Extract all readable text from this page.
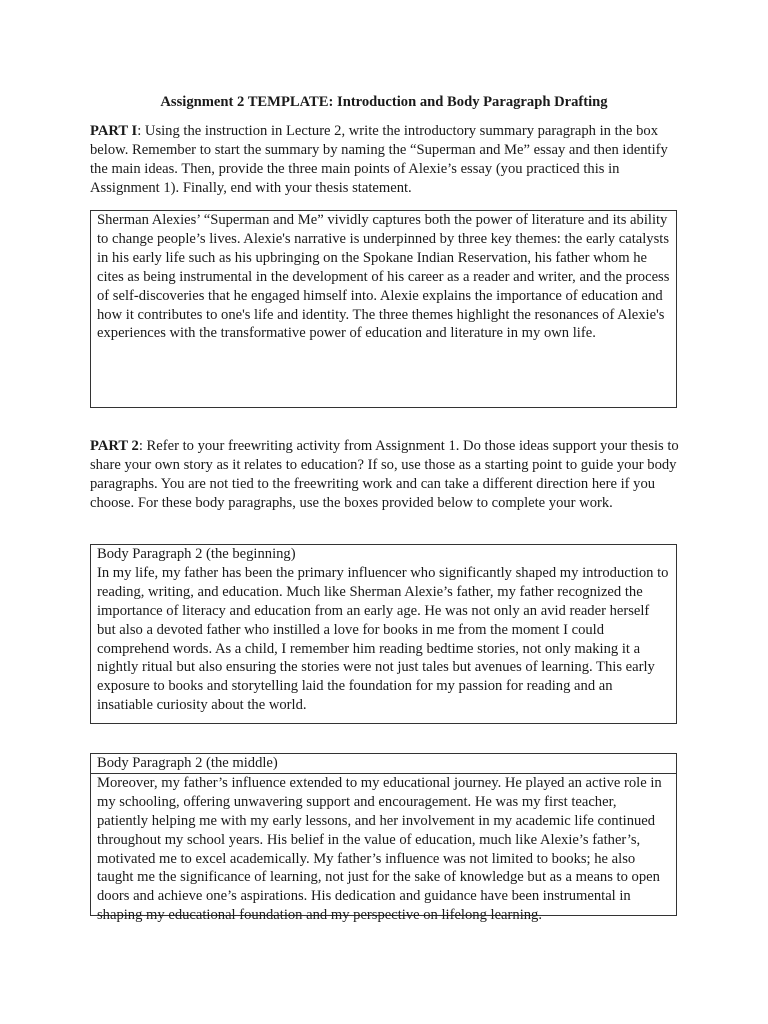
Assignment 2 TEMPLATE: Introduction and Body Paragraph Drafting
PART I: Using the instruction in Lecture 2, write the introductory summary paragraph in the box below. Remember to start the summary by naming the “Superman and Me” essay and then identify the main ideas. Then, provide the three main points of Alexie’s essay (you practiced this in Assignment 1). Finally, end with your thesis statement.
Sherman Alexies’ “Superman and Me” vividly captures both the power of literature and its ability to change people’s lives. Alexie's narrative is underpinned by three key themes: the early catalysts in his early life such as his upbringing on the Spokane Indian Reservation, his father whom he cites as being instrumental in the development of his career as a reader and writer, and the process of self-discoveries that he engaged himself into. Alexie explains the importance of education and how it contributes to one's life and identity. The three themes highlight the resonances of Alexie's experiences with the transformative power of education and literature in my own life.
PART 2: Refer to your freewriting activity from Assignment 1. Do those ideas support your thesis to share your own story as it relates to education? If so, use those as a starting point to guide your body paragraphs. You are not tied to the freewriting work and can take a different direction here if you choose. For these body paragraphs, use the boxes provided below to complete your work.
Body Paragraph 2 (the beginning)
In my life, my father has been the primary influencer who significantly shaped my introduction to reading, writing, and education. Much like Sherman Alexie’s father, my father recognized the importance of literacy and education from an early age. He was not only an avid reader herself but also a devoted father who instilled a love for books in me from the moment I could comprehend words. As a child, I remember him reading bedtime stories, not only making it a nightly ritual but also ensuring the stories were not just tales but avenues of learning. This early exposure to books and storytelling laid the foundation for my passion for reading and an insatiable curiosity about the world.
Body Paragraph 2 (the middle)
Moreover, my father’s influence extended to my educational journey. He played an active role in my schooling, offering unwavering support and encouragement. He was my first teacher, patiently helping me with my early lessons, and her involvement in my academic life continued throughout my school years. His belief in the value of education, much like Alexie’s father’s, motivated me to excel academically. My father’s influence was not limited to books; he also taught me the significance of learning, not just for the sake of knowledge but as a means to open doors and achieve one’s aspirations. His dedication and guidance have been instrumental in shaping my educational foundation and my perspective on lifelong learning.
